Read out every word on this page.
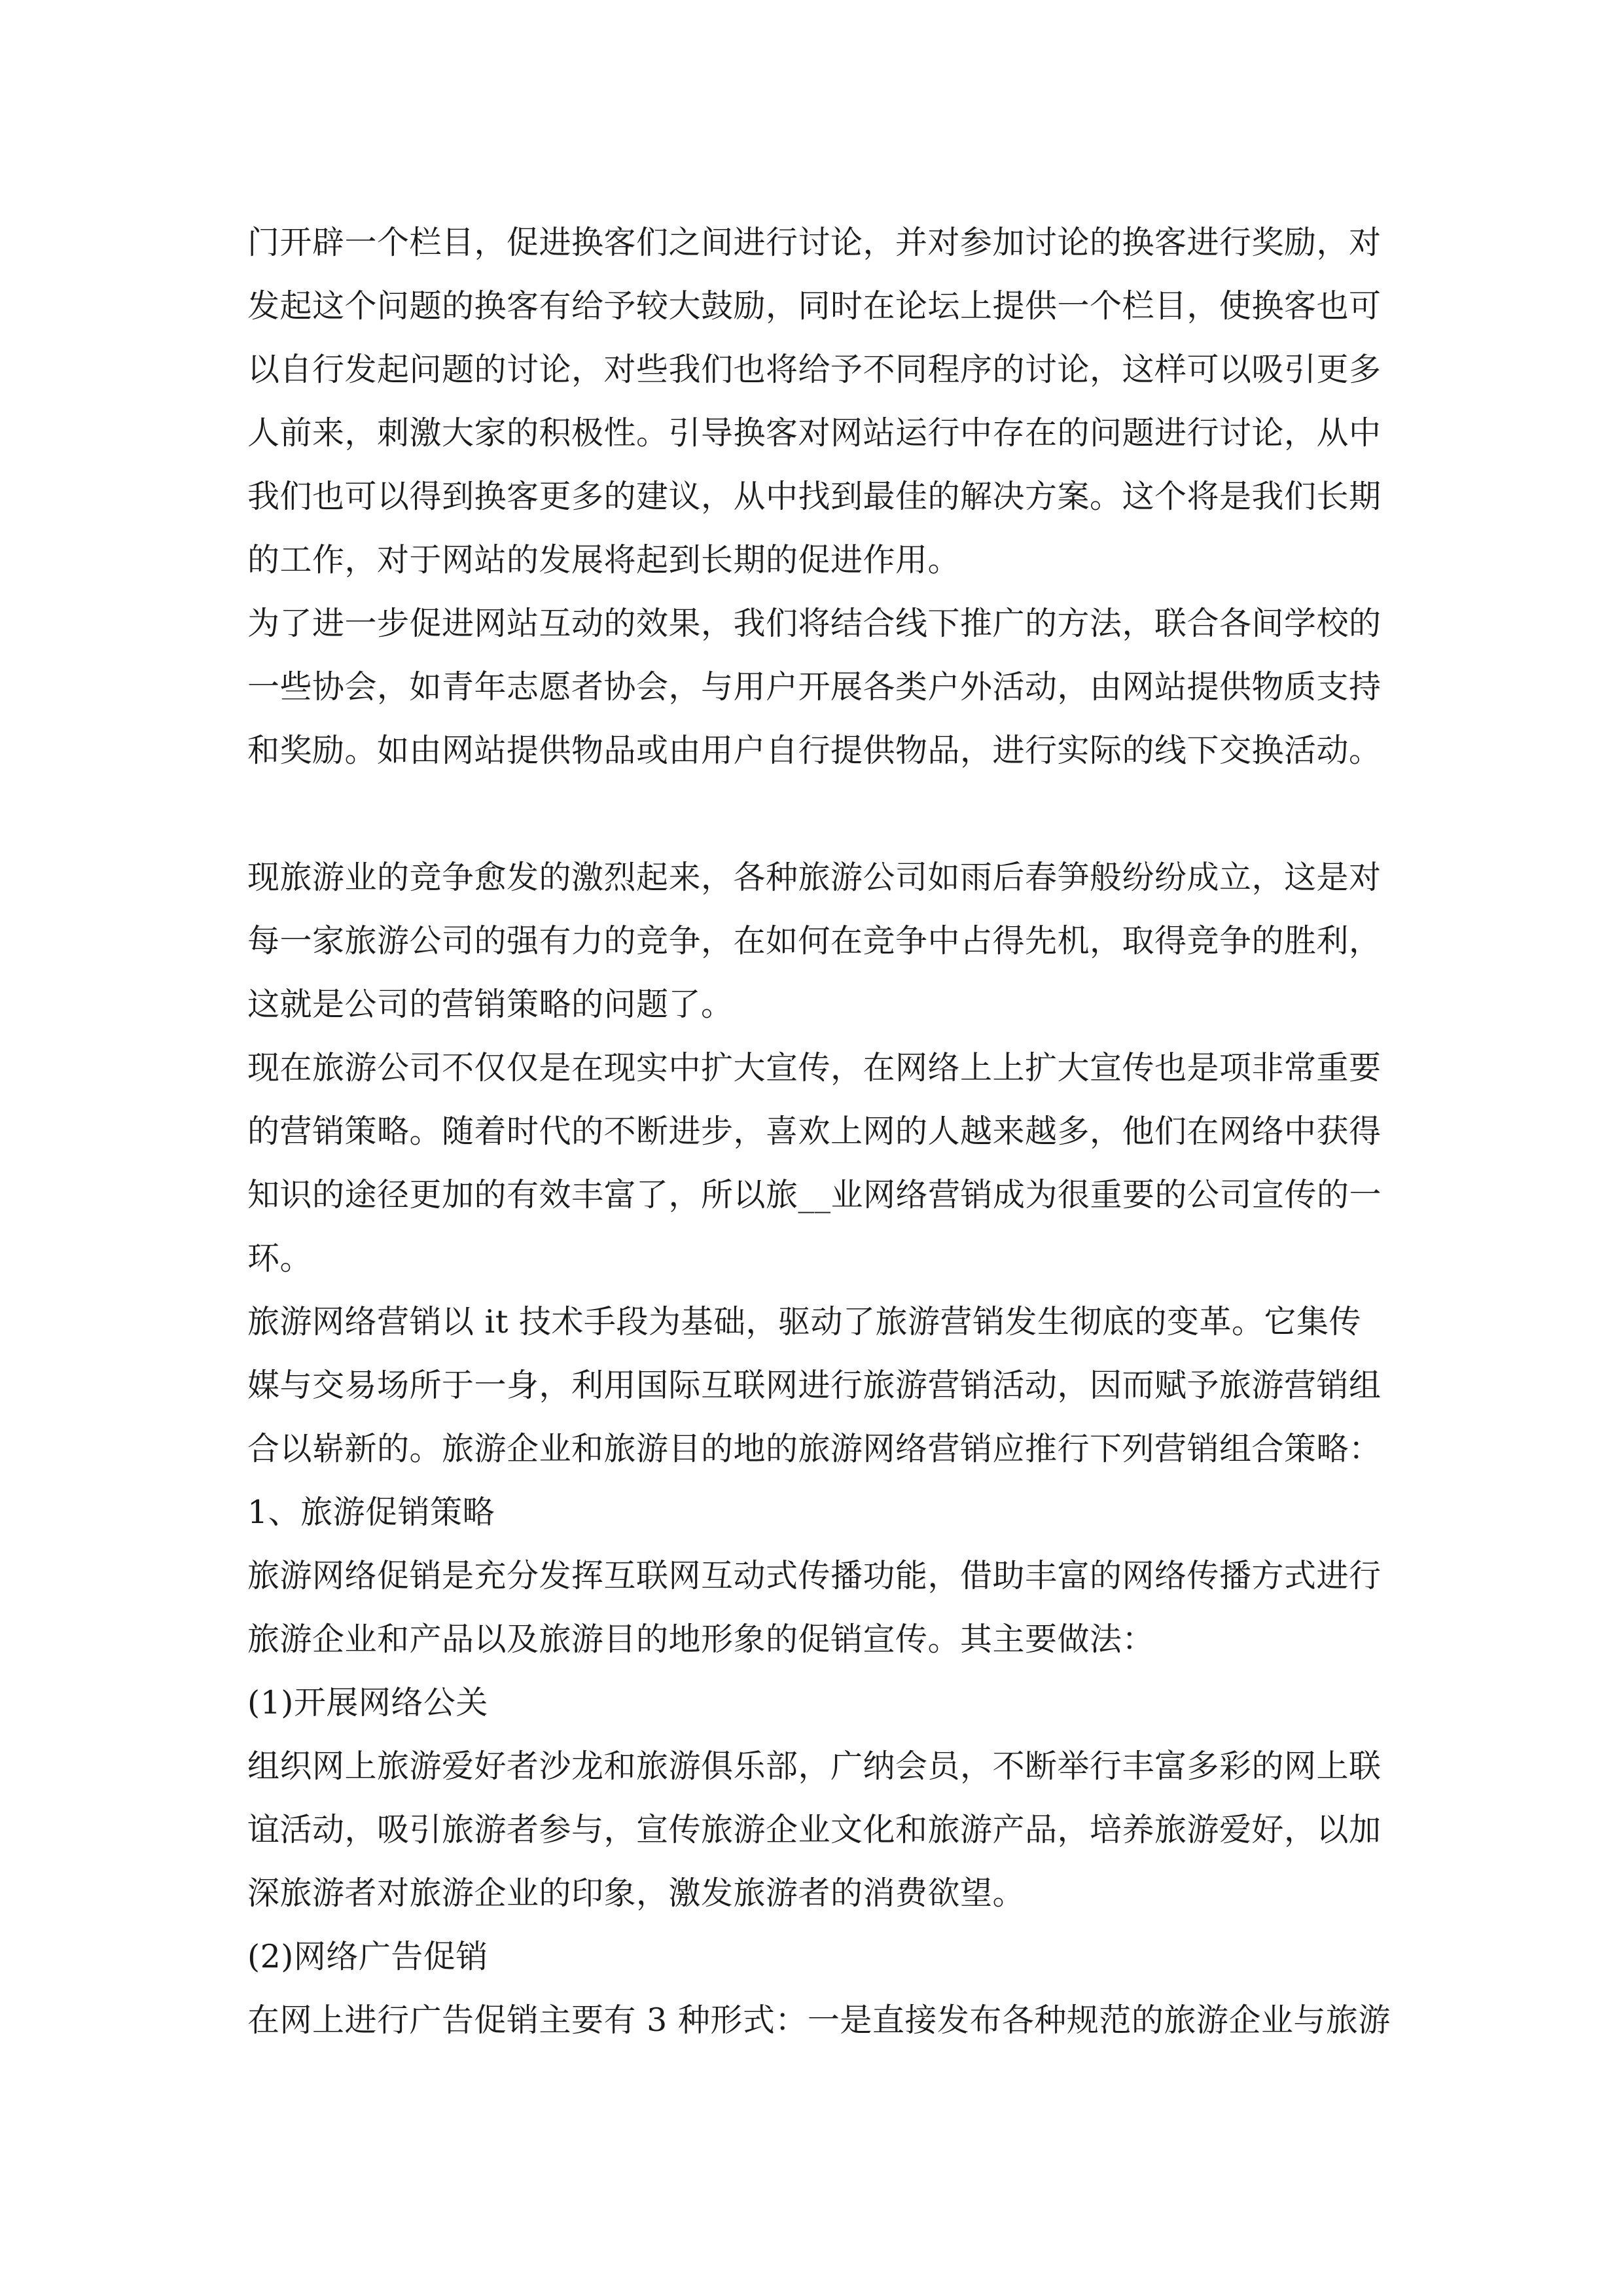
门开辟一个栏目，促进换客们之间进行讨论，并对参加讨论的换客进行奖励，对
发起这个问题的换客有给予较大鼓励，同时在论坛上提供一个栏目，使换客也可
以自行发起问题的讨论，对些我们也将给予不同程序的讨论，这样可以吸引更多
人前来，刺激大家的积极性。引导换客对网站运行中存在的问题进行讨论，从中
我们也可以得到换客更多的建议，从中找到最佳的解决方案。这个将是我们长期
的工作，对于网站的发展将起到长期的促进作用。
为了进一步促进网站互动的效果，我们将结合线下推广的方法，联合各间学校的
一些协会，如青年志愿者协会，与用户开展各类户外活动，由网站提供物质支持
和奖励。如由网站提供物品或由用户自行提供物品，进行实际的线下交换活动。
现旅游业的竞争愈发的激烈起来，各种旅游公司如雨后春笋般纷纷成立，这是对
每一家旅游公司的强有力的竞争，在如何在竞争中占得先机，取得竞争的胜利，
这就是公司的营销策略的问题了。
现在旅游公司不仅仅是在现实中扩大宣传，在网络上上扩大宣传也是项非常重要
的营销策略。随着时代的不断进步，喜欢上网的人越来越多，他们在网络中获得
知识的途径更加的有效丰富了，所以旅__业网络营销成为很重要的公司宣传的一
环。
旅游网络营销以 it 技术手段为基础，驱动了旅游营销发生彻底的变革。它集传
媒与交易场所于一身，利用国际互联网进行旅游营销活动，因而赋予旅游营销组
合以崭新的。旅游企业和旅游目的地的旅游网络营销应推行下列营销组合策略：
1、旅游促销策略
旅游网络促销是充分发挥互联网互动式传播功能，借助丰富的网络传播方式进行
旅游企业和产品以及旅游目的地形象的促销宣传。其主要做法：
(1)开展网络公关
组织网上旅游爱好者沙龙和旅游俱乐部，广纳会员，不断举行丰富多彩的网上联
谊活动，吸引旅游者参与，宣传旅游企业文化和旅游产品，培养旅游爱好，以加
深旅游者对旅游企业的印象，激发旅游者的消费欲望。
(2)网络广告促销
在网上进行广告促销主要有 3 种形式：一是直接发布各种规范的旅游企业与旅游
